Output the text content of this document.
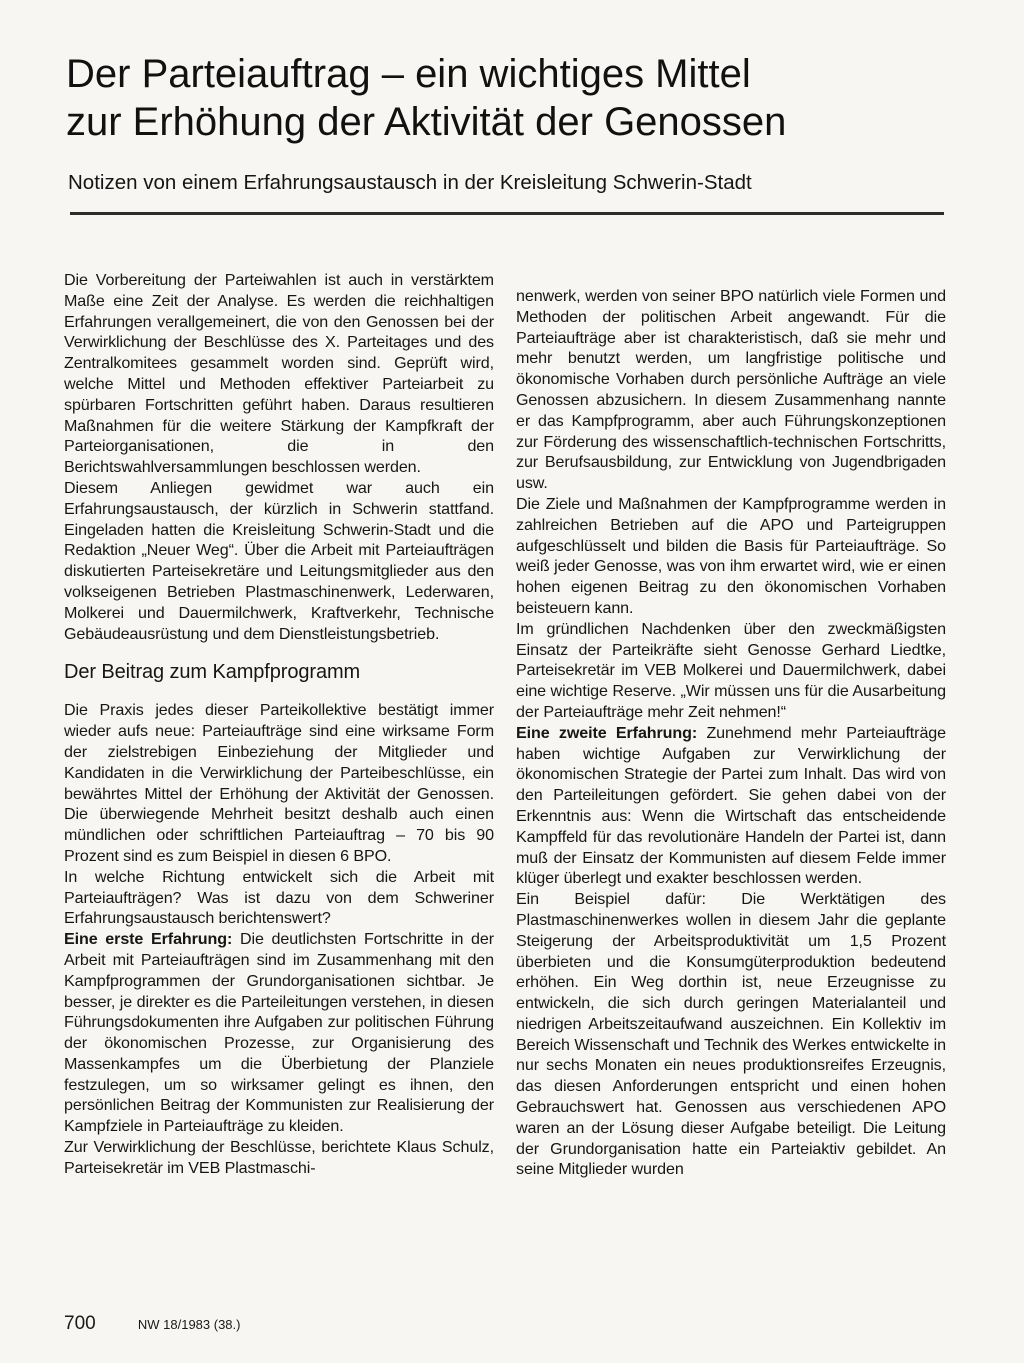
Der Parteiauftrag – ein wichtiges Mittel
zur Erhöhung der Aktivität der Genossen

Notizen von einem Erfahrungsaustausch in der Kreisleitung Schwerin-Stadt

Die Vorbereitung der Parteiwahlen ist auch in verstärktem Maße eine Zeit der Analyse. Es werden die reichhaltigen Erfahrungen verallgemeinert, die von den Genossen bei der Verwirklichung der Beschlüsse des X. Parteitages und des Zentralkomitees gesammelt worden sind. Geprüft wird, welche Mittel und Methoden effektiver Parteiarbeit zu spürbaren Fortschritten geführt haben. Daraus resultieren Maßnahmen für die weitere Stärkung der Kampfkraft der Parteiorganisationen, die in den Berichtswahlversammlungen beschlossen werden.

Diesem Anliegen gewidmet war auch ein Erfahrungsaustausch, der kürzlich in Schwerin stattfand. Eingeladen hatten die Kreisleitung Schwerin-Stadt und die Redaktion „Neuer Weg“. Über die Arbeit mit Parteiaufträgen diskutierten Parteisekretäre und Leitungsmitglieder aus den volkseigenen Betrieben Plastmaschinenwerk, Lederwaren, Molkerei und Dauermilchwerk, Kraftverkehr, Technische Gebäudeausrüstung und dem Dienstleistungsbetrieb.

Der Beitrag zum Kampfprogramm

Die Praxis jedes dieser Parteikollektive bestätigt immer wieder aufs neue: Parteiaufträge sind eine wirksame Form der zielstrebigen Einbeziehung der Mitglieder und Kandidaten in die Verwirklichung der Parteibeschlüsse, ein bewährtes Mittel der Erhöhung der Aktivität der Genossen. Die überwiegende Mehrheit besitzt deshalb auch einen mündlichen oder schriftlichen Parteiauftrag – 70 bis 90 Prozent sind es zum Beispiel in diesen 6 BPO.

In welche Richtung entwickelt sich die Arbeit mit Parteiaufträgen? Was ist dazu von dem Schweriner Erfahrungsaustausch berichtenswert?

Eine erste Erfahrung: Die deutlichsten Fortschritte in der Arbeit mit Parteiaufträgen sind im Zusammenhang mit den Kampfprogrammen der Grundorganisationen sichtbar. Je besser, je direkter es die Parteileitungen verstehen, in diesen Führungsdokumenten ihre Aufgaben zur politischen Führung der ökonomischen Prozesse, zur Organisierung des Massenkampfes um die Überbietung der Planziele festzulegen, um so wirksamer gelingt es ihnen, den persönlichen Beitrag der Kommunisten zur Realisierung der Kampfziele in Parteiaufträge zu kleiden.

Zur Verwirklichung der Beschlüsse, berichtete Klaus Schulz, Parteisekretär im VEB Plastmaschi-

nenwerk, werden von seiner BPO natürlich viele Formen und Methoden der politischen Arbeit angewandt. Für die Parteiaufträge aber ist charakteristisch, daß sie mehr und mehr benutzt werden, um langfristige politische und ökonomische Vorhaben durch persönliche Aufträge an viele Genossen abzusichern. In diesem Zusammenhang nannte er das Kampfprogramm, aber auch Führungskonzeptionen zur Förderung des wissenschaftlich-technischen Fortschritts, zur Berufsausbildung, zur Entwicklung von Jugendbrigaden usw.

Die Ziele und Maßnahmen der Kampfprogramme werden in zahlreichen Betrieben auf die APO und Parteigruppen aufgeschlüsselt und bilden die Basis für Parteiaufträge. So weiß jeder Genosse, was von ihm erwartet wird, wie er einen hohen eigenen Beitrag zu den ökonomischen Vorhaben beisteuern kann.

Im gründlichen Nachdenken über den zweckmäßigsten Einsatz der Parteikräfte sieht Genosse Gerhard Liedtke, Parteisekretär im VEB Molkerei und Dauermilchwerk, dabei eine wichtige Reserve. „Wir müssen uns für die Ausarbeitung der Parteiaufträge mehr Zeit nehmen!“

Eine zweite Erfahrung: Zunehmend mehr Parteiaufträge haben wichtige Aufgaben zur Verwirklichung der ökonomischen Strategie der Partei zum Inhalt. Das wird von den Parteileitungen gefördert. Sie gehen dabei von der Erkenntnis aus: Wenn die Wirtschaft das entscheidende Kampffeld für das revolutionäre Handeln der Partei ist, dann muß der Einsatz der Kommunisten auf diesem Felde immer klüger überlegt und exakter beschlossen werden.

Ein Beispiel dafür: Die Werktätigen des Plastmaschinenwerkes wollen in diesem Jahr die geplante Steigerung der Arbeitsproduktivität um 1,5 Prozent überbieten und die Konsumgüterproduktion bedeutend erhöhen. Ein Weg dorthin ist, neue Erzeugnisse zu entwickeln, die sich durch geringen Materialanteil und niedrigen Arbeitszeitaufwand auszeichnen. Ein Kollektiv im Bereich Wissenschaft und Technik des Werkes entwickelte in nur sechs Monaten ein neues produktionsreifes Erzeugnis, das diesen Anforderungen entspricht und einen hohen Gebrauchswert hat. Genossen aus verschiedenen APO waren an der Lösung dieser Aufgabe beteiligt. Die Leitung der Grundorganisation hatte ein Parteiaktiv gebildet. An seine Mitglieder wurden

700	NW 18/1983 (38.)
